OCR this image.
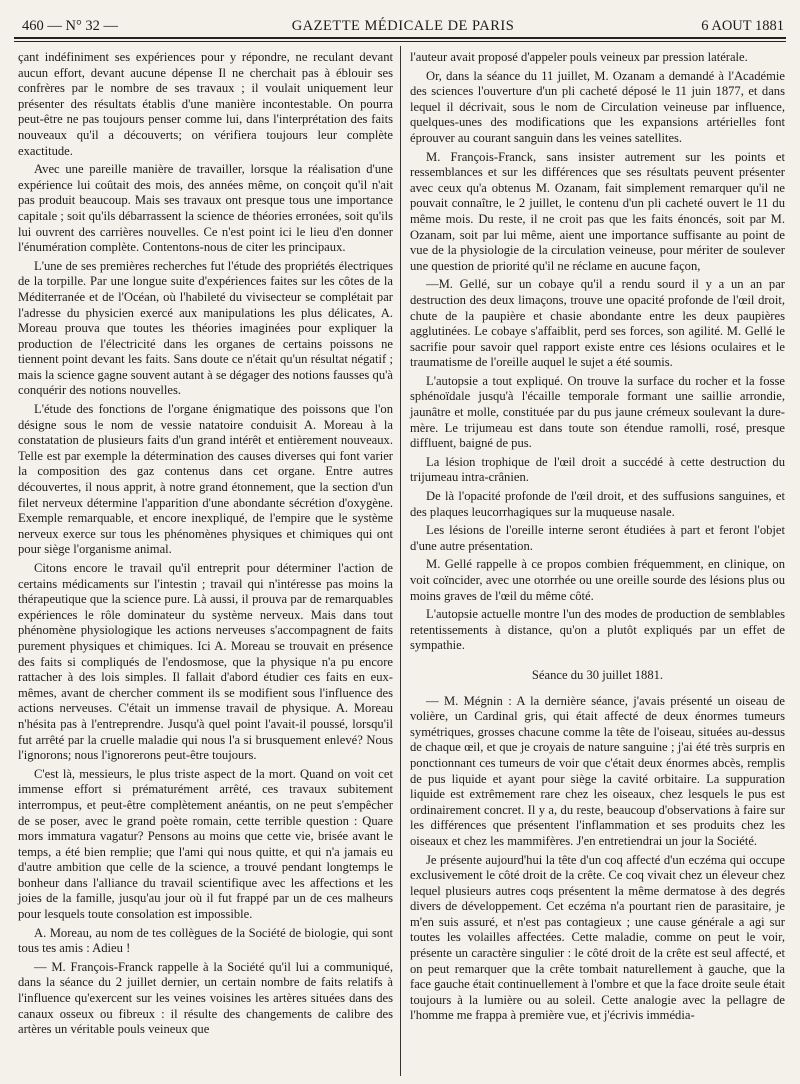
460 — N° 32 —	GAZETTE MÉDICALE DE PARIS	6 AOUT 1881

çant indéfiniment ses expériences pour y répondre, ne reculant devant aucun effort, devant aucune dépense Il ne cherchait pas à éblouir ses confrères par le nombre de ses travaux ; il voulait uniquement leur présenter des résultats établis d'une manière incontestable. On pourra peut-être ne pas toujours penser comme lui, dans l'interprétation des faits nouveaux qu'il a découverts; on vérifiera toujours leur complète exactitude.

Avec une pareille manière de travailler, lorsque la réalisation d'une expérience lui coûtait des mois, des années même, on conçoit qu'il n'ait pas produit beaucoup. Mais ses travaux ont presque tous une importance capitale ; soit qu'ils débarrassent la science de théories erronées, soit qu'ils lui ouvrent des carrières nouvelles. Ce n'est point ici le lieu d'en donner l'énumération complète. Contentons-nous de citer les principaux.

L'une de ses premières recherches fut l'étude des propriétés électriques de la torpille. Par une longue suite d'expériences faites sur les côtes de la Méditerranée et de l'Océan, où l'habileté du vivisecteur se complétait par l'adresse du physicien exercé aux manipulations les plus délicates, A. Moreau prouva que toutes les théories imaginées pour expliquer la production de l'électricité dans les organes de certains poissons ne tiennent point devant les faits. Sans doute ce n'était qu'un résultat négatif ; mais la science gagne souvent autant à se dégager des notions fausses qu'à conquérir des notions nouvelles.

L'étude des fonctions de l'organe énigmatique des poissons que l'on désigne sous le nom de vessie natatoire conduisit A. Moreau à la constatation de plusieurs faits d'un grand intérêt et entièrement nouveaux. Telle est par exemple la détermination des causes diverses qui font varier la composition des gaz contenus dans cet organe. Entre autres découvertes, il nous apprit, à notre grand étonnement, que la section d'un filet nerveux détermine l'apparition d'une abondante sécrétion d'oxygène. Exemple remarquable, et encore inexpliqué, de l'empire que le système nerveux exerce sur tous les phénomènes physiques et chimiques qui ont pour siège l'organisme animal.

Citons encore le travail qu'il entreprit pour déterminer l'action de certains médicaments sur l'intestin ; travail qui n'intéresse pas moins la thérapeutique que la science pure. Là aussi, il prouva par de remarquables expériences le rôle dominateur du système nerveux. Mais dans tout phénomène physiologique les actions nerveuses s'accompagnent de faits purement physiques et chimiques. Ici A. Moreau se trouvait en présence des faits si compliqués de l'endosmose, que la physique n'a pu encore rattacher à des lois simples. Il fallait d'abord étudier ces faits en eux-mêmes, avant de chercher comment ils se modifient sous l'influence des actions nerveuses. C'était un immense travail de physique. A. Moreau n'hésita pas à l'entreprendre. Jusqu'à quel point l'avait-il poussé, lorsqu'il fut arrêté par la cruelle maladie qui nous l'a si brusquement enlevé? Nous l'ignorons; nous l'ignorerons peut-être toujours.

C'est là, messieurs, le plus triste aspect de la mort. Quand on voit cet immense effort si prématurément arrêté, ces travaux subitement interrompus, et peut-être complètement anéantis, on ne peut s'empêcher de se poser, avec le grand poète romain, cette terrible question : Quare mors immatura vagatur? Pensons au moins que cette vie, brisée avant le temps, a été bien remplie; que l'ami qui nous quitte, et qui n'a jamais eu d'autre ambition que celle de la science, a trouvé pendant longtemps le bonheur dans l'alliance du travail scientifique avec les affections et les joies de la famille, jusqu'au jour où il fut frappé par un de ces malheurs pour lesquels toute consolation est impossible.

A. Moreau, au nom de tes collègues de la Société de biologie, qui sont tous tes amis : Adieu !

— M. François-Franck rappelle à la Société qu'il lui a communiqué, dans la séance du 2 juillet dernier, un certain nombre de faits relatifs à l'influence qu'exercent sur les veines voisines les artères situées dans des canaux osseux ou fibreux : il résulte des changements de calibre des artères un véritable pouls veineux que

l'auteur avait proposé d'appeler pouls veineux par pression latérale.

Or, dans la séance du 11 juillet, M. Ozanam a demandé à l'Académie des sciences l'ouverture d'un pli cacheté déposé le 11 juin 1877, et dans lequel il décrivait, sous le nom de Circulation veineuse par influence, quelques-unes des modifications que les expansions artérielles font éprouver au courant sanguin dans les veines satellites.

M. François-Franck, sans insister autrement sur les points et ressemblances et sur les différences que ses résultats peuvent présenter avec ceux qu'a obtenus M. Ozanam, fait simplement remarquer qu'il ne pouvait connaître, le 2 juillet, le contenu d'un pli cacheté ouvert le 11 du même mois. Du reste, il ne croit pas que les faits énoncés, soit par M. Ozanam, soit par lui même, aient une importance suffisante au point de vue de la physiologie de la circulation veineuse, pour mériter de soulever une question de priorité qu'il ne réclame en aucune façon,

—M. Gellé, sur un cobaye qu'il a rendu sourd il y a un an par destruction des deux limaçons, trouve une opacité profonde de l'œil droit, chute de la paupière et chasie abondante entre les deux paupières agglutinées. Le cobaye s'affaiblit, perd ses forces, son agilité. M. Gellé le sacrifie pour savoir quel rapport existe entre ces lésions oculaires et le traumatisme de l'oreille auquel le sujet a été soumis.

L'autopsie a tout expliqué. On trouve la surface du rocher et la fosse sphénoïdale jusqu'à l'écaille temporale formant une saillie arrondie, jaunâtre et molle, constituée par du pus jaune crémeux soulevant la dure-mère. Le trijumeau est dans toute son étendue ramolli, rosé, presque diffluent, baigné de pus.

La lésion trophique de l'œil droit a succédé à cette destruction du trijumeau intra-crânien.

De là l'opacité profonde de l'œil droit, et des suffusions sanguines, et des plaques leucorrhagiques sur la muqueuse nasale.

Les lésions de l'oreille interne seront étudiées à part et feront l'objet d'une autre présentation.

M. Gellé rappelle à ce propos combien fréquemment, en clinique, on voit coïncider, avec une otorrhée ou une oreille sourde des lésions plus ou moins graves de l'œil du même côté.

L'autopsie actuelle montre l'un des modes de production de semblables retentissements à distance, qu'on a plutôt expliqués par un effet de sympathie.

Séance du 30 juillet 1881.

— M. Mégnin : A la dernière séance, j'avais présenté un oiseau de volière, un Cardinal gris, qui était affecté de deux énormes tumeurs symétriques, grosses chacune comme la tête de l'oiseau, situées au-dessus de chaque œil, et que je croyais de nature sanguine ; j'ai été très surpris en ponctionnant ces tumeurs de voir que c'était deux énormes abcès, remplis de pus liquide et ayant pour siège la cavité orbitaire. La suppuration liquide est extrêmement rare chez les oiseaux, chez lesquels le pus est ordinairement concret. Il y a, du reste, beaucoup d'observations à faire sur les différences que présentent l'inflammation et ses produits chez les oiseaux et chez les mammifères. J'en entretiendrai un jour la Société.

Je présente aujourd'hui la tête d'un coq affecté d'un eczéma qui occupe exclusivement le côté droit de la crête. Ce coq vivait chez un éleveur chez lequel plusieurs autres coqs présentent la même dermatose à des degrés divers de développement. Cet eczéma n'a pourtant rien de parasitaire, je m'en suis assuré, et n'est pas contagieux ; une cause générale a agi sur toutes les volailles affectées. Cette maladie, comme on peut le voir, présente un caractère singulier : le côté droit de la crête est seul affecté, et on peut remarquer que la crête tombait naturellement à gauche, que la face gauche était continuellement à l'ombre et que la face droite seule était toujours à la lumière ou au soleil. Cette analogie avec la pellagre de l'homme me frappa à première vue, et j'écrivis immédia-
